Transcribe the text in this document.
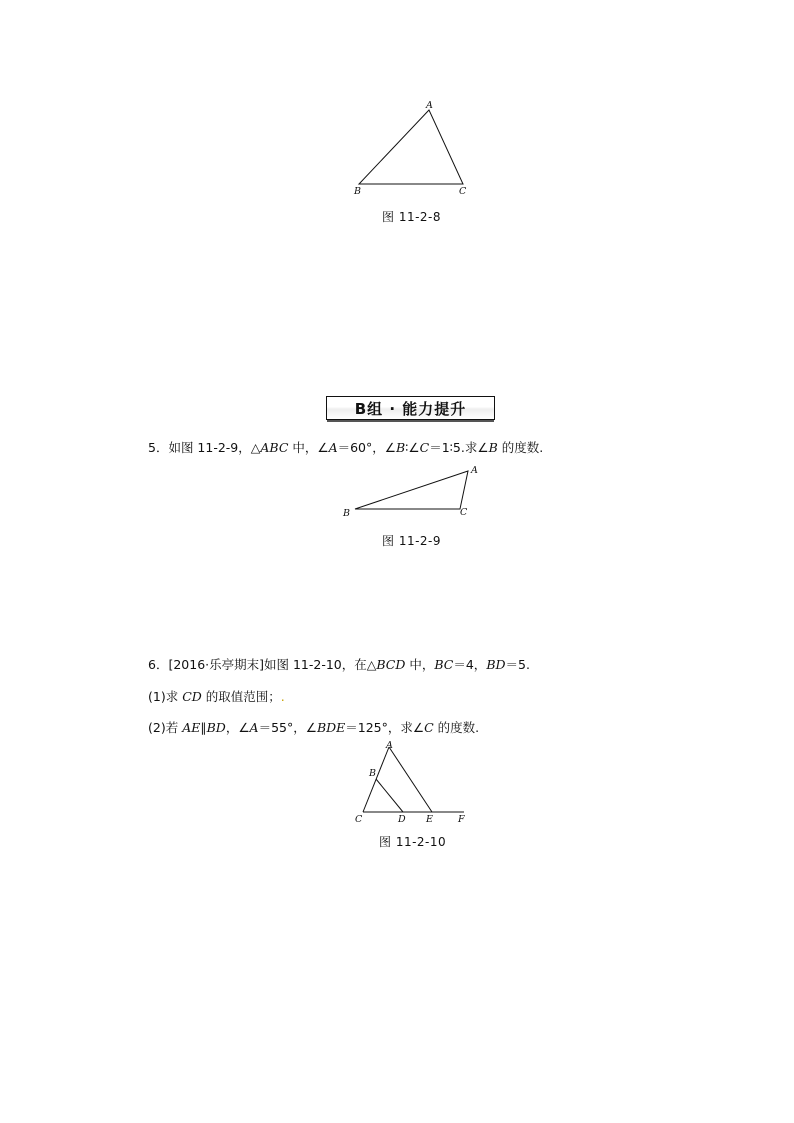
A
B	C
图 11-2-8
B组 · 能力提升
5．如图 11-2-9，△ABC 中，∠A＝60°，∠B∶∠C＝1∶5.求∠B 的度数.
A
B	C
图 11-2-9
6．[2016·乐亭期末]如图 11-2-10，在△BCD 中，BC＝4，BD＝5.
(1)求 CD 的取值范围；.
(2)若 AE∥BD，∠A＝55°，∠BDE＝125°，求∠C 的度数.
A
B
C	D E	F
图 11-2-10
